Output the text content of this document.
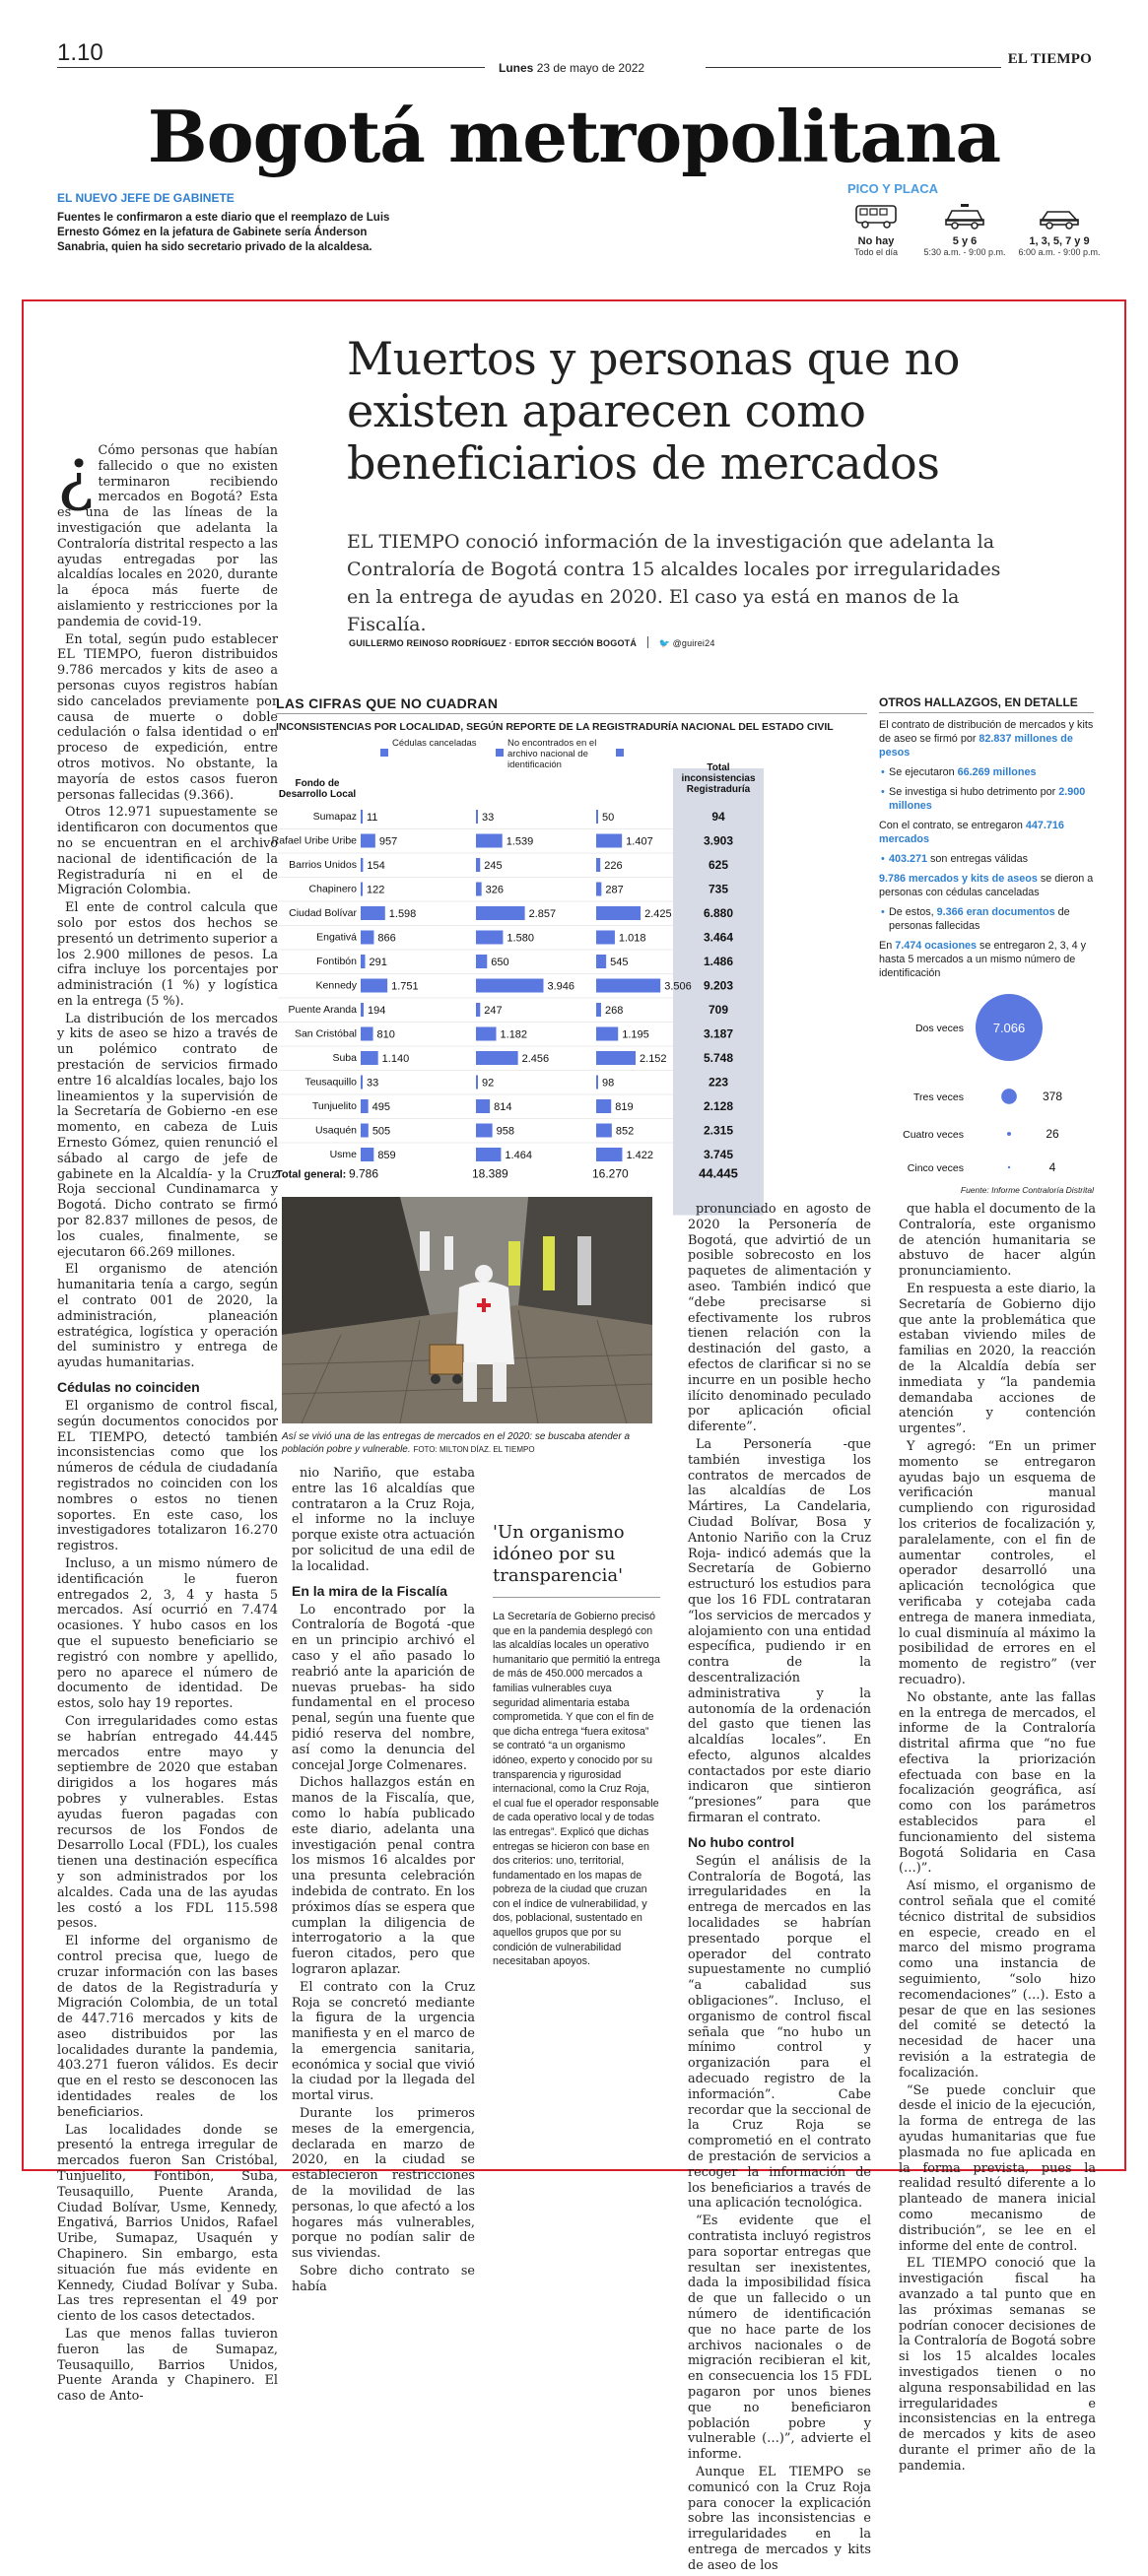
1.10
Lunes 23 de mayo de 2022
EL TIEMPO
Bogotá metropolitana
EL NUEVO JEFE DE GABINETE
Fuentes le confirmaron a este diario que el reemplazo de Luis Ernesto Gómez en la jefatura de Gabinete sería Ánderson Sanabria, quien ha sido secretario privado de la alcaldesa.
PICO Y PLACA
No hay
Todo el día
5 y 6
5:30 a.m. - 9:00 p.m.
1, 3, 5, 7 y 9
6:00 a.m. - 9:00 p.m.
Muertos y personas que no existen aparecen como beneficiarios de mercados

EL TIEMPO conoció información de la investigación que adelanta la Contraloría de Bogotá contra 15 alcaldes locales por irregularidades en la entrega de ayudas en 2020. El caso ya está en manos de la Fiscalía.

GUILLERMO REINOSO RODRÍGUEZ · EDITOR SECCIÓN BOGOTÁ 🐦 @guirei24
¿ Cómo personas que habían fallecido o que no existen terminaron recibiendo mercados en Bogotá? Esta es una de las líneas de la investigación que adelanta la Contraloría distrital respecto a las ayudas entregadas por las alcaldías locales en 2020, durante la época más fuerte de aislamiento y restricciones por la pandemia de covid-19.

En total, según pudo establecer EL TIEMPO, fueron distribuidos 9.786 mercados y kits de aseo a personas cuyos registros habían sido cancelados previamente por causa de muerte o doble cedulación o falsa identidad o en proceso de expedición, entre otros motivos. No obstante, la mayoría de estos casos fueron personas fallecidas (9.366).

Otros 12.971 supuestamente se identificaron con documentos que no se encuentran en el archivo nacional de identificación de la Registraduría ni en el de Migración Colombia.

El ente de control calcula que solo por estos dos hechos se presentó un detrimento superior a los 2.900 millones de pesos. La cifra incluye los porcentajes por administración (1 %) y logística en la entrega (5 %).

La distribución de los mercados y kits de aseo se hizo a través de un polémico contrato de prestación de servicios firmado entre 16 alcaldías locales, bajo los lineamientos y la supervisión de la Secretaría de Gobierno -en ese momento, en cabeza de Luis Ernesto Gómez, quien renunció el sábado al cargo de jefe de gabinete en la Alcaldía- y la Cruz Roja seccional Cundinamarca y Bogotá. Dicho contrato se firmó por 82.837 millones de pesos, de los cuales, finalmente, se ejecutaron 66.269 millones.

El organismo de atención humanitaria tenía a cargo, según el contrato 001 de 2020, la administración, planeación estratégica, logística y operación del suministro y entrega de ayudas humanitarias.

Cédulas no coinciden

El organismo de control fiscal, según documentos conocidos por EL TIEMPO, detectó también inconsistencias como que los números de cédula de ciudadanía registrados no coinciden con los nombres o estos no tienen soportes. En este caso, los investigadores totalizaron 16.270 registros.

Incluso, a un mismo número de identificación le fueron entregados 2, 3, 4 y hasta 5 mercados. Así ocurrió en 7.474 ocasiones. Y hubo casos en los que el supuesto beneficiario se registró con nombre y apellido, pero no aparece el número de documento de identidad. De estos, solo hay 19 reportes.

Con irregularidades como estas se habrían entregado 44.445 mercados entre mayo y septiembre de 2020 que estaban dirigidos a los hogares más pobres y vulnerables. Estas ayudas fueron pagadas con recursos de los Fondos de Desarrollo Local (FDL), los cuales tienen una destinación específica y son administrados por los alcaldes. Cada una de las ayudas les costó a los FDL 115.598 pesos.

El informe del organismo de control precisa que, luego de cruzar información con las bases de datos de la Registraduría y Migración Colombia, de un total de 447.716 mercados y kits de aseo distribuidos por las localidades durante la pandemia, 403.271 fueron válidos. Es decir que en el resto se desconocen las identidades reales de los beneficiarios.

Las localidades donde se presentó la entrega irregular de mercados fueron San Cristóbal, Tunjuelito, Fontibón, Suba, Teusaquillo, Puente Aranda, Ciudad Bolívar, Usme, Kennedy, Engativá, Barrios Unidos, Rafael Uribe, Sumapaz, Usaquén y Chapinero. Sin embargo, esta situación fue más evidente en Kennedy, Ciudad Bolívar y Suba. Las tres representan el 49 por ciento de los casos detectados.

Las que menos fallas tuvieron fueron las de Sumapaz, Teusaquillo, Barrios Unidos, Puente Aranda y Chapinero. El caso de Anto-

LAS CIFRAS QUE NO CUADRAN
INCONSISTENCIAS POR LOCALIDAD, SEGÚN REPORTE DE LA REGISTRADURÍA NACIONAL DEL ESTADO CIVIL
Cédulas canceladas	No encontrados en el archivo nacional de identificación
Fondo de Desarrollo Local
Total inconsistencias Registraduría
Sumapaz 11	33	50	94
Rafael Uribe Uribe 957	1.539	1.407	3.903
Barrios Unidos 154	245	226	625
Chapinero 122	326	287	735
Ciudad Bolívar	1.598	2.857	2.425	6.880
Engativá 866	1.580	1.018	3.464
Fontibón 291	650	545	1.486
Kennedy	1.751	3.946	3.506 9.203
Puente Aranda 194	247	268	709
San Cristóbal 810	1.182	1.195	3.187
Suba 1.140	2.456	2.152	5.748
Teusaquillo 33	92	98	223
Tunjuelito 495	814	819	2.128
Usaquén 505	958	852	2.315
Usme 859	1.464	1.422	3.745
Total general: 9.786	18.389	16.270	44.445
OTROS HALLAZGOS, EN DETALLE

El contrato de distribución de mercados y kits de aseo se firmó por 82.837 millones de pesos

• Se ejecutaron 66.269 millones

• Se investiga si hubo detrimento por 2.900 millones

Con el contrato, se entregaron 447.716 mercados

• 403.271 son entregas válidas

9.786 mercados y kits de aseos se dieron a personas con cédulas canceladas

• De estos, 9.366 eran documentos de personas fallecidas

En 7.474 ocasiones se entregaron 2, 3, 4 y hasta 5 mercados a un mismo número de identificación

Dos veces 7.066
Tres veces	378
Cuatro veces	26
Cinco veces	4
Fuente: Informe Contraloría Distrital
Así se vivió una de las entregas de mercados en el 2020: se buscaba atender a población pobre y vulnerable. FOTO: MILTON DÍAZ. EL TIEMPO

nio Nariño, que estaba entre las 16 alcaldías que contrataron a la Cruz Roja, el informe no la incluye porque existe otra actuación por solicitud de una edil de la localidad.

En la mira de la Fiscalía

Lo encontrado por la Contraloría de Bogotá -que en un principio archivó el caso y el año pasado lo reabrió ante la aparición de nuevas pruebas- ha sido fundamental en el proceso penal, según una fuente que pidió reserva del nombre, así como la denuncia del concejal Jorge Colmenares.

Dichos hallazgos están en manos de la Fiscalía, que, como lo había publicado este diario, adelanta una investigación penal contra los mismos 16 alcaldes por una presunta celebración indebida de contrato. En los próximos días se espera que cumplan la diligencia de interrogatorio a la que fueron citados, pero que lograron aplazar.

El contrato con la Cruz Roja se concretó mediante la figura de la urgencia manifiesta y en el marco de la emergencia sanitaria, económica y social que vivió la ciudad por la llegada del mortal virus.

Durante los primeros meses de la emergencia, declarada en marzo de 2020, en la ciudad se establecieron restricciones de la movilidad de las personas, lo que afectó a los hogares más vulnerables, porque no podían salir de sus viviendas.

Sobre dicho contrato se había

'Un organismo idóneo por su transparencia'
La Secretaría de Gobierno precisó que en la pandemia desplegó con las alcaldías locales un operativo humanitario que permitió la entrega de más de 450.000 mercados a familias vulnerables cuya seguridad alimentaria estaba comprometida. Y que con el fin de que dicha entrega “fuera exitosa” se contrató “a un organismo idóneo, experto y conocido por su transparencia y rigurosidad internacional, como la Cruz Roja, el cual fue el operador responsable de cada operativo local y de todas las entregas”. Explicó que dichas entregas se hicieron con base en dos criterios: uno, territorial, fundamentado en los mapas de pobreza de la ciudad que cruzan con el índice de vulnerabilidad, y dos, poblacional, sustentado en aquellos grupos que por su condición de vulnerabilidad necesitaban apoyos.

pronunciado en agosto de 2020 la Personería de Bogotá, que advirtió de un posible sobrecosto en los paquetes de alimentación y aseo. También indicó que “debe precisarse si efectivamente los rubros tienen relación con la destinación del gasto, a efectos de clarificar si no se incurre en un posible hecho ilícito denominado peculado por aplicación oficial diferente”.

La Personería -que también investiga los contratos de mercados de las alcaldías de Los Mártires, La Candelaria, Ciudad Bolívar, Bosa y Antonio Nariño con la Cruz Roja- indicó además que la Secretaría de Gobierno estructuró los estudios para que los 16 FDL contrataran “los servicios de mercados y alojamiento con una entidad específica, pudiendo ir en contra de la descentralización administrativa y la autonomía de la ordenación del gasto que tienen las alcaldías locales”. En efecto, algunos alcaldes contactados por este diario indicaron que sintieron “presiones” para que firmaran el contrato.

No hubo control

Según el análisis de la Contraloría de Bogotá, las irregularidades en la entrega de mercados en las localidades se habrían presentado porque el operador del contrato supuestamente no cumplió “a cabalidad sus obligaciones”. Incluso, el organismo de control fiscal señala que “no hubo un mínimo control y organización para el adecuado registro de la información”. Cabe recordar que la seccional de la Cruz Roja se comprometió en el contrato de prestación de servicios a recoger la información de los beneficiarios a través de una aplicación tecnológica.

“Es evidente que el contratista incluyó registros para soportar entregas que resultan ser inexistentes, dada la imposibilidad física de que un fallecido o un número de identificación que no hace parte de los archivos nacionales o de migración recibieran el kit, en consecuencia los 15 FDL pagaron por unos bienes que no beneficiaron población pobre y vulnerable (…)”, advierte el informe.

Aunque EL TIEMPO se comunicó con la Cruz Roja para conocer la explicación sobre las inconsistencias e irregularidades en la entrega de mercados y kits de aseo de los

que habla el documento de la Contraloría, este organismo de atención humanitaria se abstuvo de hacer algún pronunciamiento.

En respuesta a este diario, la Secretaría de Gobierno dijo que ante la problemática que estaban viviendo miles de familias en 2020, la reacción de la Alcaldía debía ser inmediata y “la pandemia demandaba acciones de atención y contención urgentes”.

Y agregó: “En un primer momento se entregaron ayudas bajo un esquema de verificación manual cumpliendo con rigurosidad los criterios de focalización y, paralelamente, con el fin de aumentar controles, el operador desarrolló una aplicación tecnológica que verificaba y cotejaba cada entrega de manera inmediata, lo cual disminuía al máximo la posibilidad de errores en el momento de registro” (ver recuadro).

No obstante, ante las fallas en la entrega de mercados, el informe de la Contraloría distrital afirma que “no fue efectiva la priorización efectuada con base en la focalización geográfica, así como con los parámetros establecidos para el funcionamiento del sistema Bogotá Solidaria en Casa (…)”.

Así mismo, el organismo de control señala que el comité técnico distrital de subsidios en especie, creado en el marco del mismo programa como una instancia de seguimiento, “solo hizo recomendaciones” (…). Esto a pesar de que en las sesiones del comité se detectó la necesidad de hacer una revisión a la estrategia de focalización.

“Se puede concluir que desde el inicio de la ejecución, la forma de entrega de las ayudas humanitarias que fue plasmada no fue aplicada en la forma prevista, pues la realidad resultó diferente a lo planteado de manera inicial como mecanismo de distribución”, se lee en el informe del ente de control.

EL TIEMPO conoció que la investigación fiscal ha avanzado a tal punto que en las próximas semanas se podrían conocer decisiones de la Contraloría de Bogotá sobre si los 15 alcaldes locales investigados tienen o no alguna responsabilidad en las irregularidades e inconsistencias en la entrega de mercados y kits de aseo durante el primer año de la pandemia.
